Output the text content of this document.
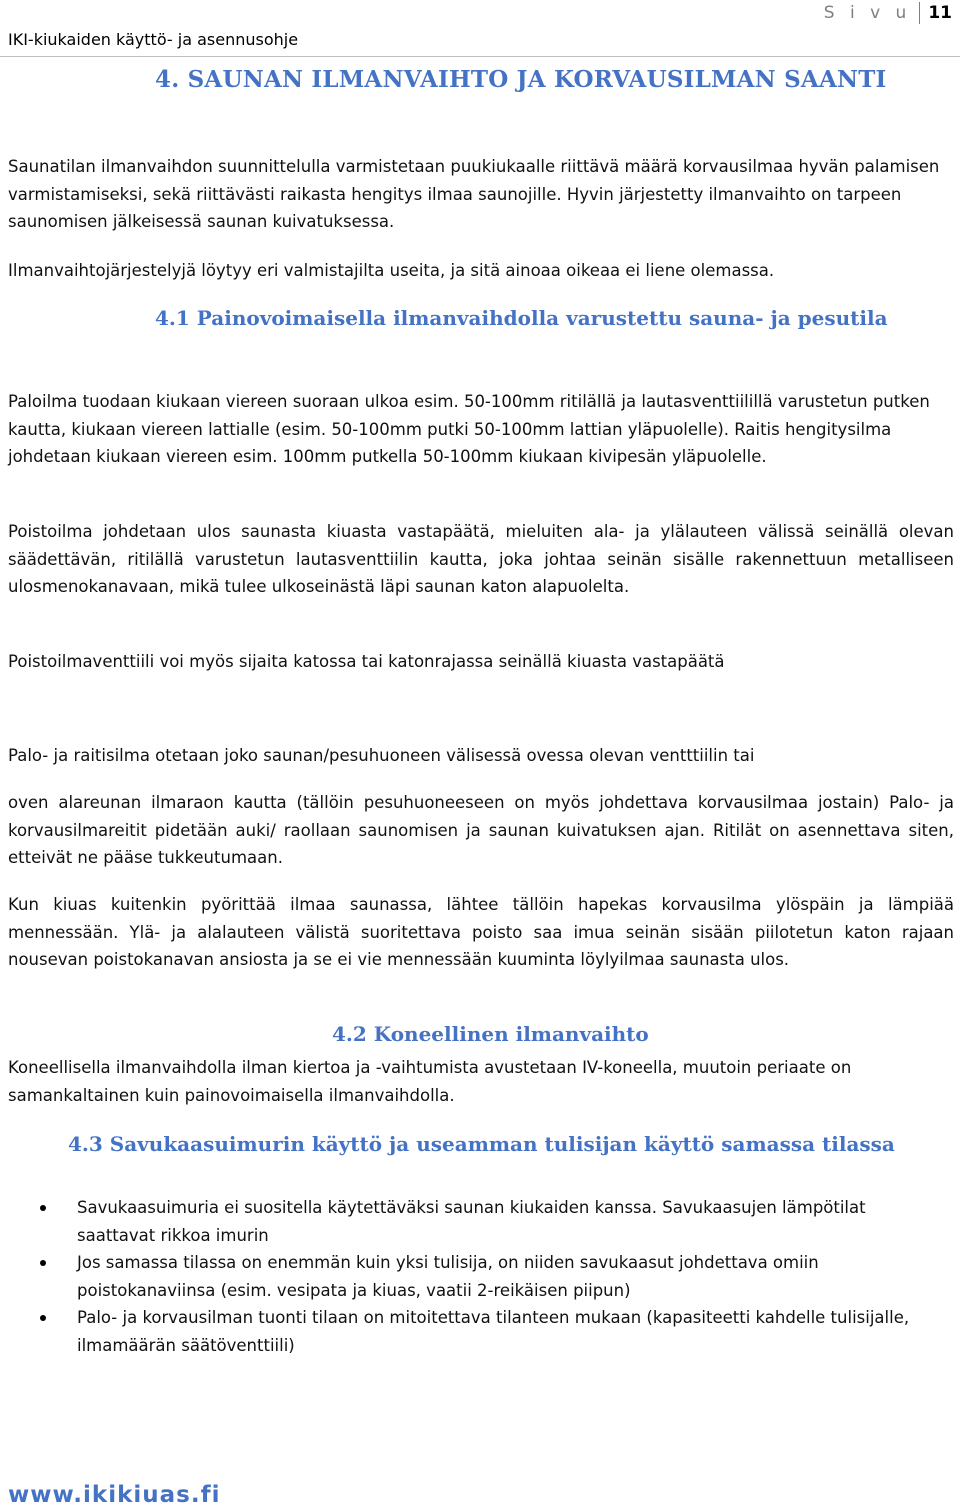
IKI-kiukaiden käyttö- ja asennusohje
S i v u 11
4. SAUNAN ILMANVAIHTO JA KORVAUSILMAN SAANTI

Saunatilan ilmanvaihdon suunnittelulla varmistetaan puukiukaalle riittävä määrä korvausilmaa hyvän palamisen varmistamiseksi, sekä riittävästi raikasta hengitys ilmaa saunojille. Hyvin järjestetty ilmanvaihto on tarpeen saunomisen jälkeisessä saunan kuivatuksessa.

Ilmanvaihtojärjestelyjä löytyy eri valmistajilta useita, ja sitä ainoaa oikeaa ei liene olemassa.

4.1 Painovoimaisella ilmanvaihdolla varustettu sauna- ja pesutila

Paloilma tuodaan kiukaan viereen suoraan ulkoa esim. 50-100mm ritilällä ja lautasventtiilillä varustetun putken kautta, kiukaan viereen lattialle (esim. 50-100mm putki 50-100mm lattian yläpuolelle). Raitis hengitysilma johdetaan kiukaan viereen esim. 100mm putkella 50-100mm kiukaan kivipesän yläpuolelle.

Poistoilma johdetaan ulos saunasta kiuasta vastapäätä, mieluiten ala- ja ylälauteen välissä seinällä olevan säädettävän, ritilällä varustetun lautasventtiilin kautta, joka johtaa seinän sisälle rakennettuun metalliseen ulosmenokanavaan, mikä tulee ulkoseinästä läpi saunan katon alapuolelta.

Poistoilmaventtiili voi myös sijaita katossa tai katonrajassa seinällä kiuasta vastapäätä

Palo- ja raitisilma otetaan joko saunan/pesuhuoneen välisessä ovessa olevan ventttiilin tai

oven alareunan ilmaraon kautta (tällöin pesuhuoneeseen on myös johdettava korvausilmaa jostain) Palo- ja korvausilmareitit pidetään auki/ raollaan saunomisen ja saunan kuivatuksen ajan. Ritilät on asennettava siten, etteivät ne pääse tukkeutumaan.

Kun kiuas kuitenkin pyörittää ilmaa saunassa, lähtee tällöin hapekas korvausilma ylöspäin ja lämpiää mennessään. Ylä- ja alalauteen välistä suoritettava poisto saa imua seinän sisään piilotetun katon rajaan nousevan poistokanavan ansiosta ja se ei vie mennessään kuuminta löylyilmaa saunasta ulos.

4.2 Koneellinen ilmanvaihto

Koneellisella ilmanvaihdolla ilman kiertoa ja -vaihtumista avustetaan IV-koneella, muutoin periaate on samankaltainen kuin painovoimaisella ilmanvaihdolla.

4.3 Savukaasuimurin käyttö ja useamman tulisijan käyttö samassa tilassa
Savukaasuimuria ei suositella käytettäväksi saunan kiukaiden kanssa. Savukaasujen lämpötilat saattavat rikkoa imurin
Jos samassa tilassa on enemmän kuin yksi tulisija, on niiden savukaasut johdettava omiin poistokanaviinsa (esim. vesipata ja kiuas, vaatii 2-reikäisen piipun)
Palo- ja korvausilman tuonti tilaan on mitoitettava tilanteen mukaan (kapasiteetti kahdelle tulisijalle, ilmamäärän säätöventtiili)
www.ikikiuas.fi
